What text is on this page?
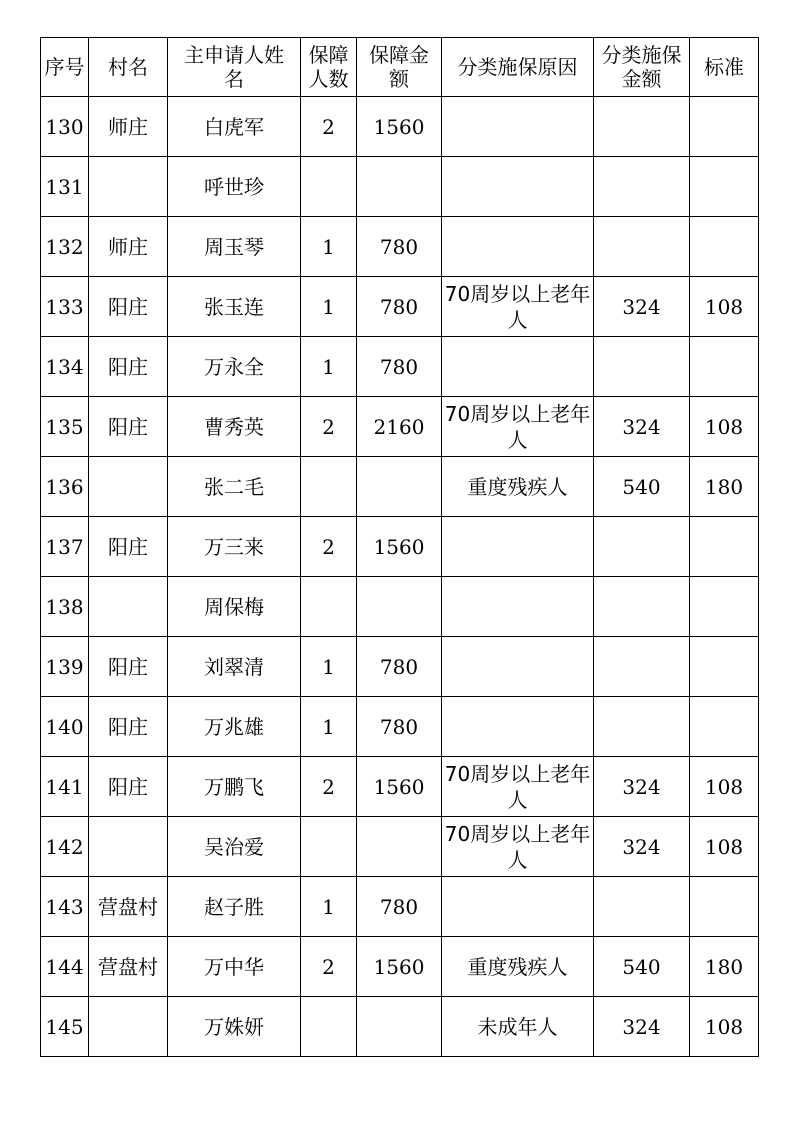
序号	村名	主申请人姓名	保障人数	保障金额	分类施保原因	分类施保金额	标准
130	师庄	白虎军	2	1560			
131		呼世珍					
132	师庄	周玉琴	1	780			
133	阳庄	张玉连	1	780	70周岁以上老年人	324	108
134	阳庄	万永全	1	780			
135	阳庄	曹秀英	2	2160	70周岁以上老年人	324	108
136		张二毛			重度残疾人	540	180
137	阳庄	万三来	2	1560			
138		周保梅					
139	阳庄	刘翠清	1	780			
140	阳庄	万兆雄	1	780			
141	阳庄	万鹏飞	2	1560	70周岁以上老年人	324	108
142		吴治爱			70周岁以上老年人	324	108
143	营盘村	赵子胜	1	780			
144	营盘村	万中华	2	1560	重度残疾人	540	180
145		万姝妍			未成年人	324	108
